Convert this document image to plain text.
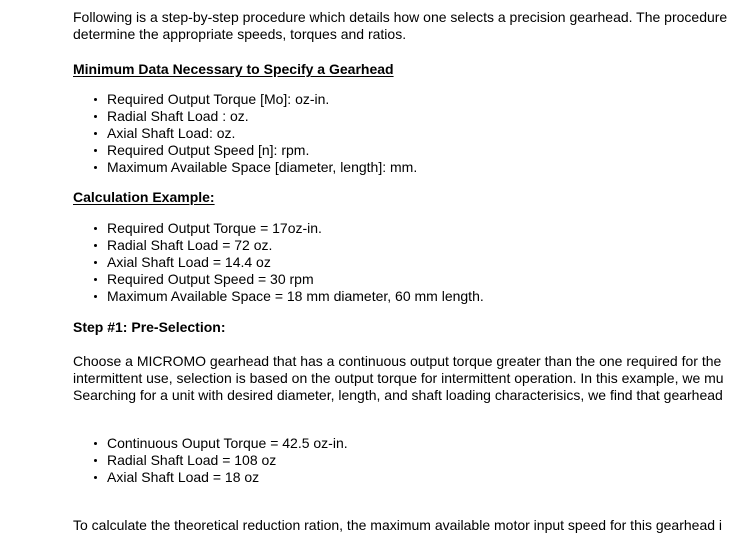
Following is a step-by-step procedure which details how one selects a precision gearhead. The procedure
determine the appropriate speeds, torques and ratios.
Minimum Data Necessary to Specify a Gearhead
Required Output Torque [Mo]: oz-in.
Radial Shaft Load : oz.
Axial Shaft Load: oz.
Required Output Speed [n]: rpm.
Maximum Available Space [diameter, length]: mm.
Calculation Example:
Required Output Torque = 17oz-in.
Radial Shaft Load = 72 oz.
Axial Shaft Load = 14.4 oz
Required Output Speed = 30 rpm
Maximum Available Space = 18 mm diameter, 60 mm length.
Step #1: Pre-Selection:
Choose a MICROMO gearhead that has a continuous output torque greater than the one required for the
intermittent use, selection is based on the output torque for intermittent operation. In this example, we mu
Searching for a unit with desired diameter, length, and shaft loading characterisics, we find that gearhead
Continuous Ouput Torque = 42.5 oz-in.
Radial Shaft Load = 108 oz
Axial Shaft Load = 18 oz
To calculate the theoretical reduction ration, the maximum available motor input speed for this gearhead i
